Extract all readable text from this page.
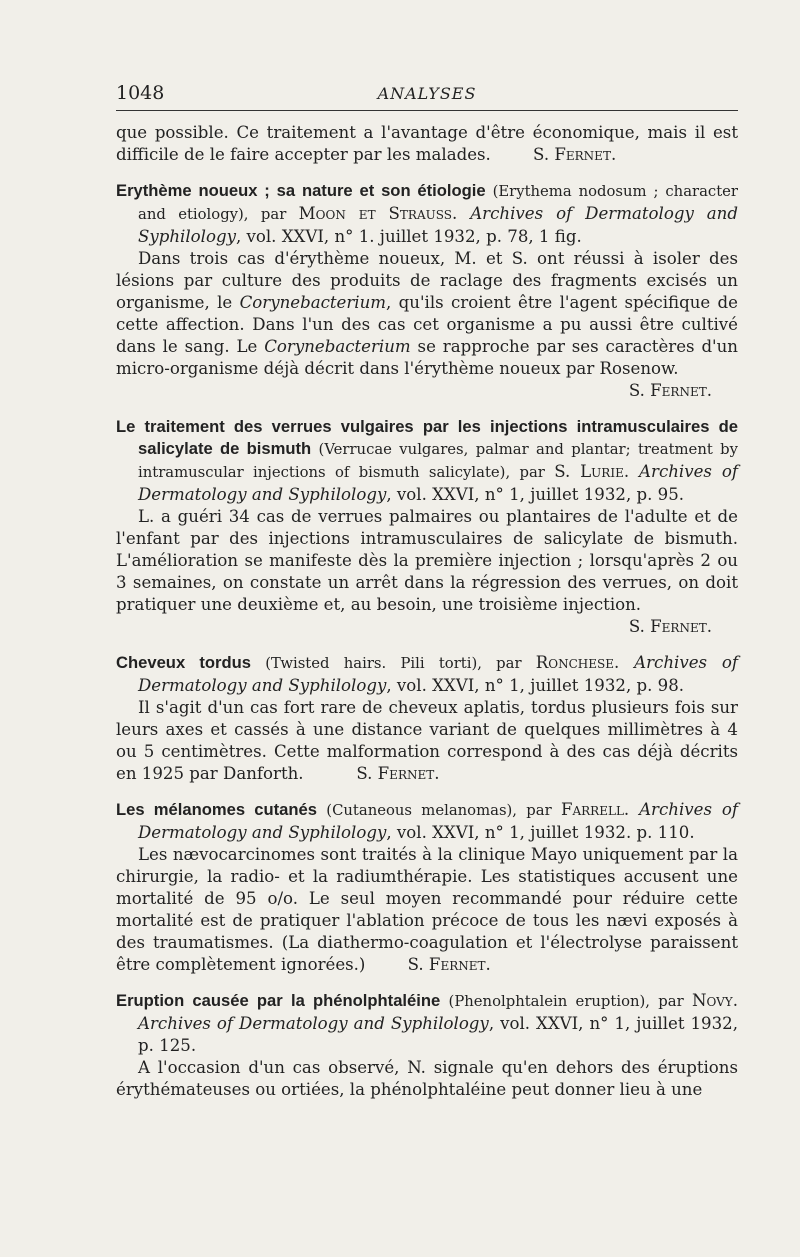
1048	ANALYSES

que possible. Ce traitement a l'avantage d'être économique, mais il est difficile de le faire accepter par les malades.	S. Fernet.

Erythème noueux ; sa nature et son étiologie (Erythema nodosum ; character and etiology), par Moon et Strauss. Archives of Dermatology and Syphilology, vol. XXVI, n° 1. juillet 1932, p. 78, 1 fig.

Dans trois cas d'érythème noueux, M. et S. ont réussi à isoler des lésions par culture des produits de raclage des fragments excisés un organisme, le Corynebacterium, qu'ils croient être l'agent spécifique de cette affection. Dans l'un des cas cet organisme a pu aussi être cultivé dans le sang. Le Corynebacterium se rapproche par ses caractères d'un micro-organisme déjà décrit dans l'érythème noueux par Rosenow.

S. Fernet.

Le traitement des verrues vulgaires par les injections intramusculaires de salicylate de bismuth (Verrucae vulgares, palmar and plantar; treatment by intramuscular injections of bismuth salicylate), par S. Lurie. Archives of Dermatology and Syphilology, vol. XXVI, n° 1, juillet 1932, p. 95.

L. a guéri 34 cas de verrues palmaires ou plantaires de l'adulte et de l'enfant par des injections intramusculaires de salicylate de bismuth. L'amélioration se manifeste dès la première injection ; lorsqu'après 2 ou 3 semaines, on constate un arrêt dans la régression des verrues, on doit pratiquer une deuxième et, au besoin, une troisième injection.

S. Fernet.

Cheveux tordus (Twisted hairs. Pili torti), par Ronchese. Archives of Dermatology and Syphilology, vol. XXVI, n° 1, juillet 1932, p. 98.

Il s'agit d'un cas fort rare de cheveux aplatis, tordus plusieurs fois sur leurs axes et cassés à une distance variant de quelques millimètres à 4 ou 5 centimètres. Cette malformation correspond à des cas déjà décrits en 1925 par Danforth.	S. Fernet.

Les mélanomes cutanés (Cutaneous melanomas), par Farrell. Archives of Dermatology and Syphilology, vol. XXVI, n° 1, juillet 1932. p. 110.

Les nævocarcinomes sont traités à la clinique Mayo uniquement par la chirurgie, la radio- et la radiumthérapie. Les statistiques accusent une mortalité de 95 o/o. Le seul moyen recommandé pour réduire cette mortalité est de pratiquer l'ablation précoce de tous les nævi exposés à des traumatismes. (La diathermo-coagulation et l'électrolyse paraissent être complètement ignorées.)	S. Fernet.

Eruption causée par la phénolphtaléine (Phenolphtalein eruption), par Novy. Archives of Dermatology and Syphilology, vol. XXVI, n° 1, juillet 1932, p. 125.

A l'occasion d'un cas observé, N. signale qu'en dehors des éruptions érythémateuses ou ortiées, la phénolphtaléine peut donner lieu à une
